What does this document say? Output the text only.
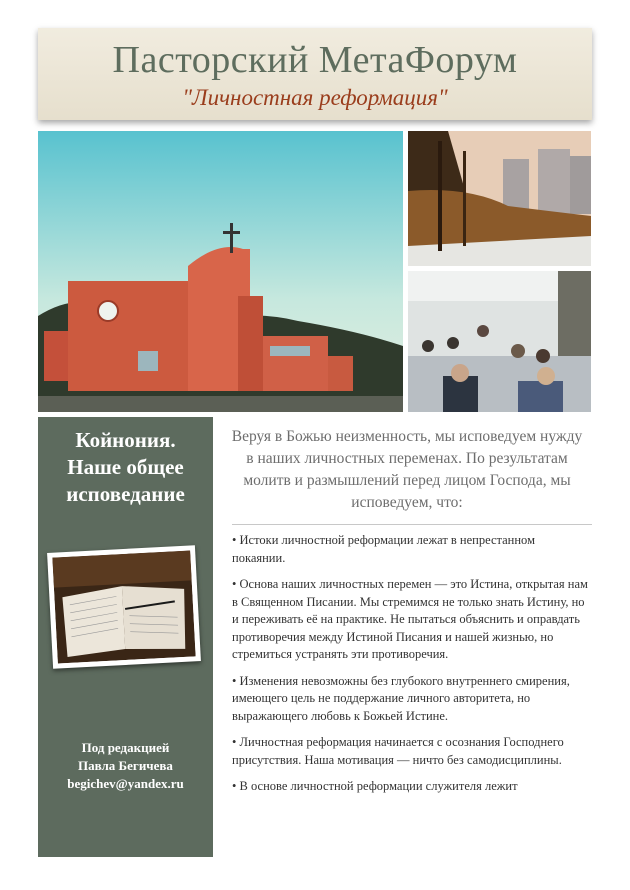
Пасторский МетаФорум
"Личностная реформация"
Койнония.
Наше общее
исповедание
Под редакцией
Павла Бегичева
begichev@yandex.ru
Веруя в Божью неизменность, мы исповедуем нужду в наших личностных переменах. По результатам молитв и размышлений перед лицом Господа, мы исповедуем, что:

• Истоки личностной реформации лежат в непрестанном покаянии.

• Основа наших личностных перемен — это Истина, открытая нам в Священном Писании. Мы стремимся не только знать Истину, но и переживать её на практике. Не пытаться объяснить и оправдать противоречия между Истиной Писания и нашей жизнью, но стремиться устранять эти противоречия.

• Изменения невозможны без глубокого внутреннего смирения, имеющего цель не поддержание личного авторитета, но выражающего любовь к Божьей Истине.

• Личностная реформация начинается с осознания Господнего присутствия. Наша мотивация — ничто без самодисциплины.

• В основе личностной реформации служителя лежит
